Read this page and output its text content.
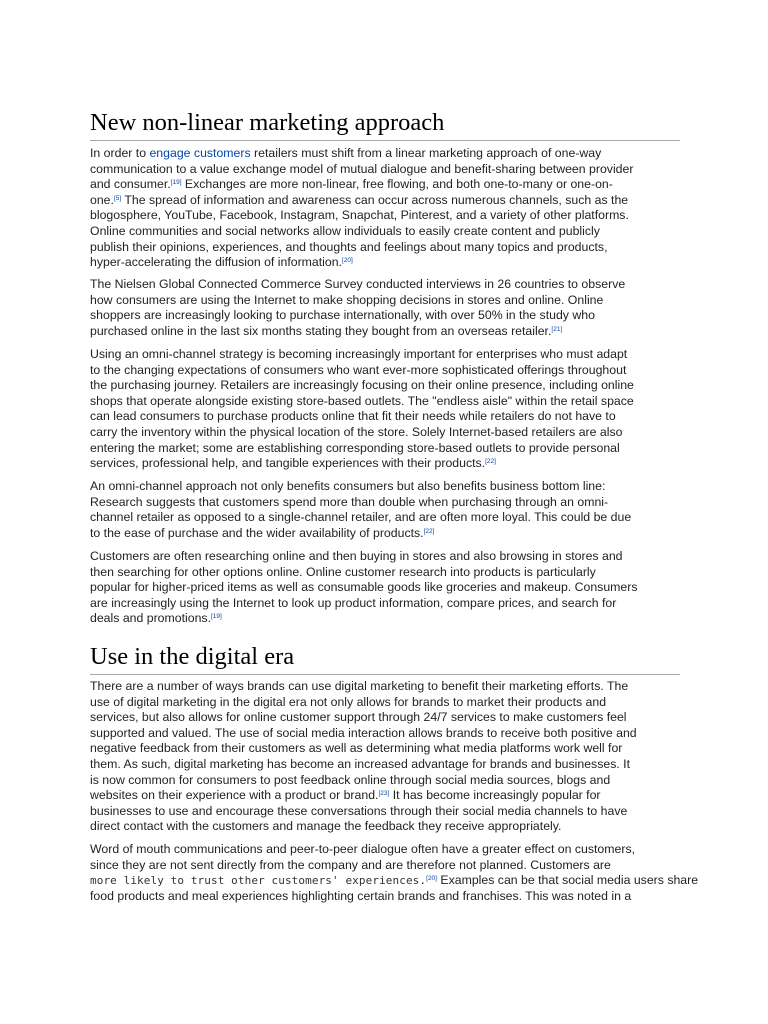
New non-linear marketing approach
In order to engage customers retailers must shift from a linear marketing approach of one-way
communication to a value exchange model of mutual dialogue and benefit-sharing between provider
and consumer.[19] Exchanges are more non-linear, free flowing, and both one-to-many or one-on-
one.[5] The spread of information and awareness can occur across numerous channels, such as the
blogosphere, YouTube, Facebook, Instagram, Snapchat, Pinterest, and a variety of other platforms.
Online communities and social networks allow individuals to easily create content and publicly
publish their opinions, experiences, and thoughts and feelings about many topics and products,
hyper-accelerating the diffusion of information.[20]
The Nielsen Global Connected Commerce Survey conducted interviews in 26 countries to observe
how consumers are using the Internet to make shopping decisions in stores and online. Online
shoppers are increasingly looking to purchase internationally, with over 50% in the study who
purchased online in the last six months stating they bought from an overseas retailer.[21]
Using an omni-channel strategy is becoming increasingly important for enterprises who must adapt
to the changing expectations of consumers who want ever-more sophisticated offerings throughout
the purchasing journey. Retailers are increasingly focusing on their online presence, including online
shops that operate alongside existing store-based outlets. The "endless aisle" within the retail space
can lead consumers to purchase products online that fit their needs while retailers do not have to
carry the inventory within the physical location of the store. Solely Internet-based retailers are also
entering the market; some are establishing corresponding store-based outlets to provide personal
services, professional help, and tangible experiences with their products.[22]
An omni-channel approach not only benefits consumers but also benefits business bottom line:
Research suggests that customers spend more than double when purchasing through an omni-
channel retailer as opposed to a single-channel retailer, and are often more loyal. This could be due
to the ease of purchase and the wider availability of products.[22]
Customers are often researching online and then buying in stores and also browsing in stores and
then searching for other options online. Online customer research into products is particularly
popular for higher-priced items as well as consumable goods like groceries and makeup. Consumers
are increasingly using the Internet to look up product information, compare prices, and search for
deals and promotions.[19]
Use in the digital era
There are a number of ways brands can use digital marketing to benefit their marketing efforts. The
use of digital marketing in the digital era not only allows for brands to market their products and
services, but also allows for online customer support through 24/7 services to make customers feel
supported and valued. The use of social media interaction allows brands to receive both positive and
negative feedback from their customers as well as determining what media platforms work well for
them. As such, digital marketing has become an increased advantage for brands and businesses. It
is now common for consumers to post feedback online through social media sources, blogs and
websites on their experience with a product or brand.[23] It has become increasingly popular for
businesses to use and encourage these conversations through their social media channels to have
direct contact with the customers and manage the feedback they receive appropriately.
Word of mouth communications and peer-to-peer dialogue often have a greater effect on customers,
since they are not sent directly from the company and are therefore not planned. Customers are
more likely to trust other customers' experiences.[20] Examples can be that social media users share
food products and meal experiences highlighting certain brands and franchises. This was noted in a
